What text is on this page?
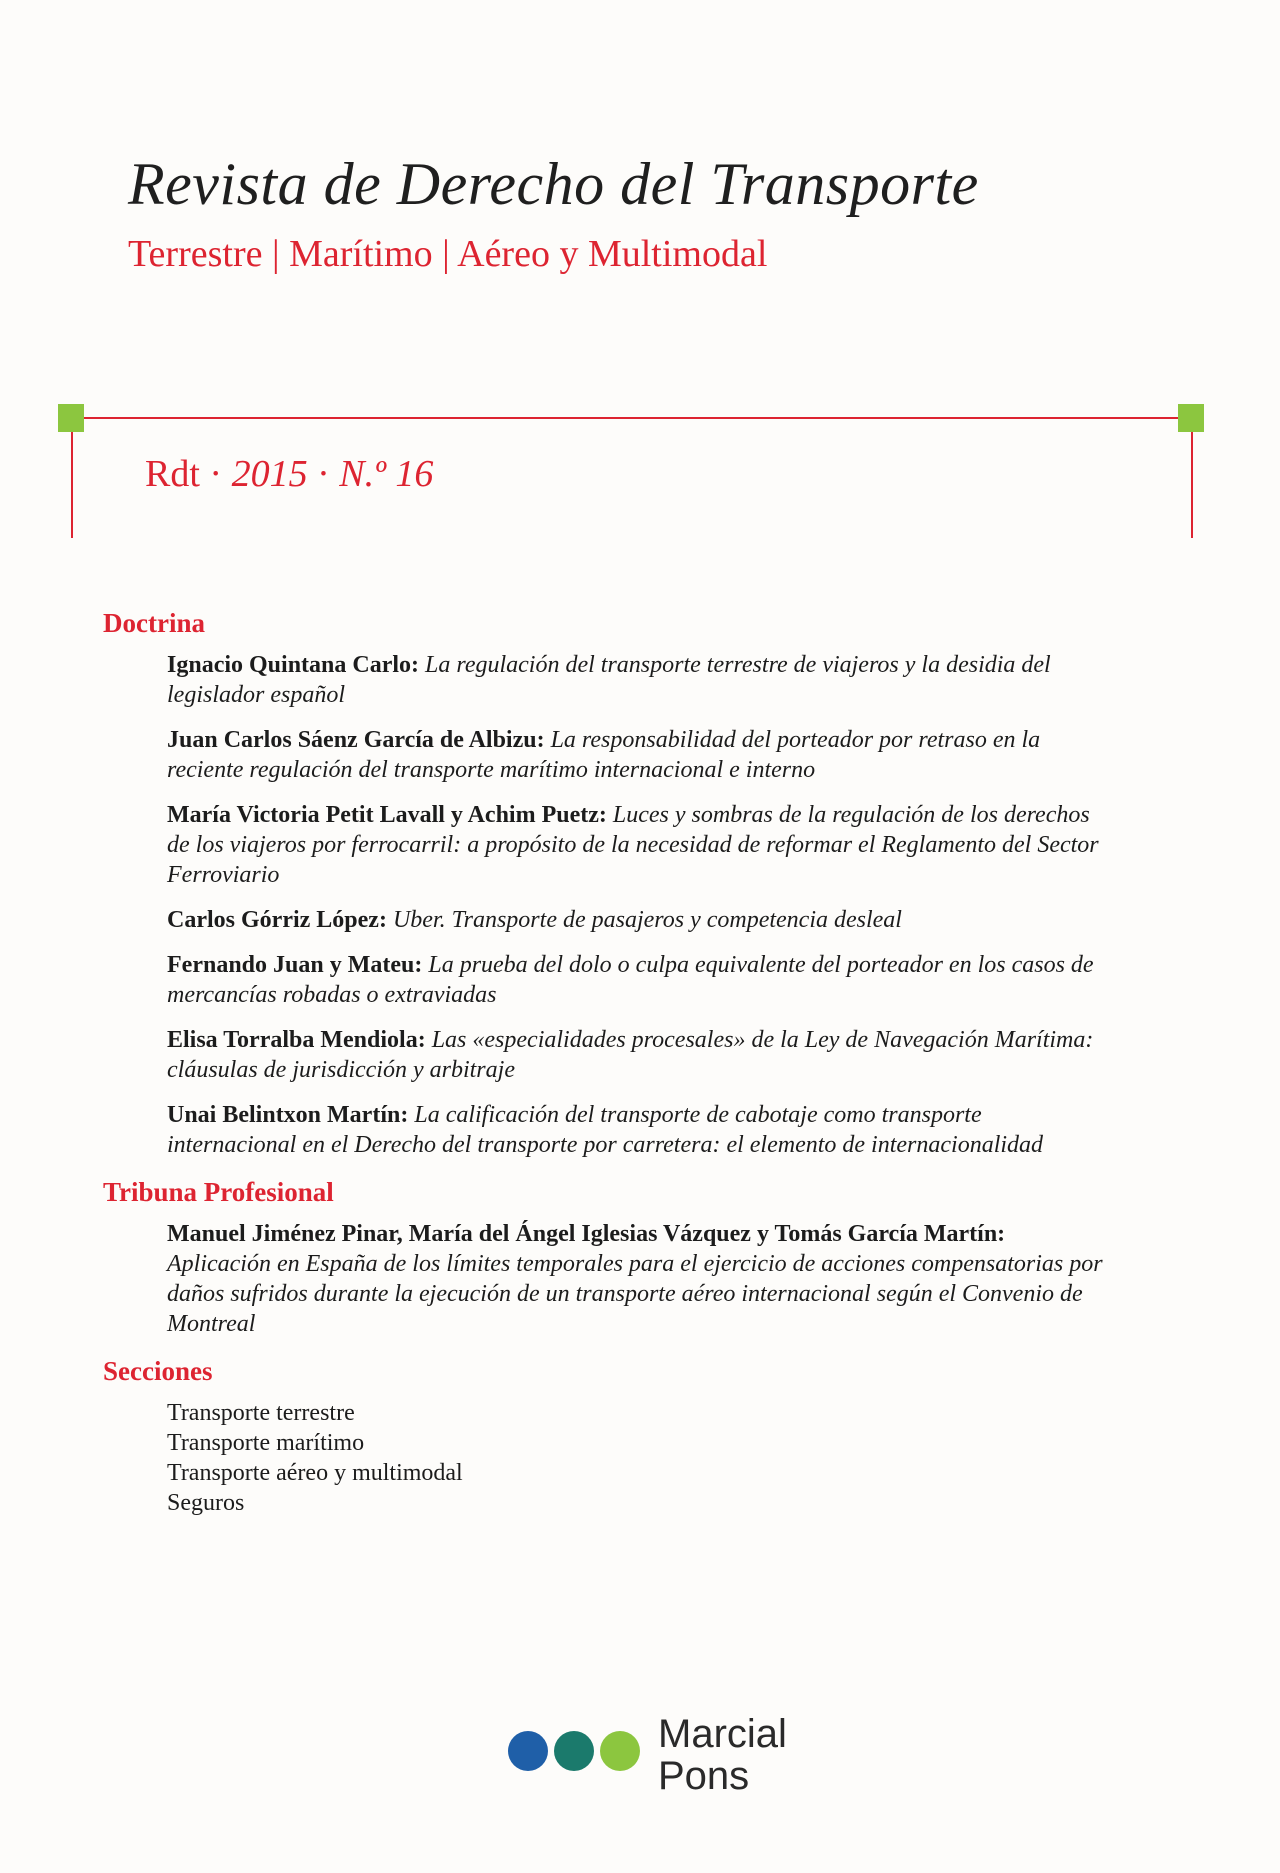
Revista de Derecho del Transporte
Terrestre | Marítimo | Aéreo y Multimodal
Rdt · 2015 · N.º 16
Doctrina
Ignacio Quintana Carlo: La regulación del transporte terrestre de viajeros y la desidia del legislador español
Juan Carlos Sáenz García de Albizu: La responsabilidad del porteador por retraso en la reciente regulación del transporte marítimo internacional e interno
María Victoria Petit Lavall y Achim Puetz: Luces y sombras de la regulación de los derechos de los viajeros por ferrocarril: a propósito de la necesidad de reformar el Reglamento del Sector Ferroviario
Carlos Górriz López: Uber. Transporte de pasajeros y competencia desleal
Fernando Juan y Mateu: La prueba del dolo o culpa equivalente del porteador en los casos de mercancías robadas o extraviadas
Elisa Torralba Mendiola: Las «especialidades procesales» de la Ley de Navegación Marítima: cláusulas de jurisdicción y arbitraje
Unai Belintxon Martín: La calificación del transporte de cabotaje como transporte internacional en el Derecho del transporte por carretera: el elemento de internacionalidad
Tribuna Profesional
Manuel Jiménez Pinar, María del Ángel Iglesias Vázquez y Tomás García Martín: Aplicación en España de los límites temporales para el ejercicio de acciones compensatorias por daños sufridos durante la ejecución de un transporte aéreo internacional según el Convenio de Montreal
Secciones
Transporte terrestre
Transporte marítimo
Transporte aéreo y multimodal
Seguros
Marcial
Pons
